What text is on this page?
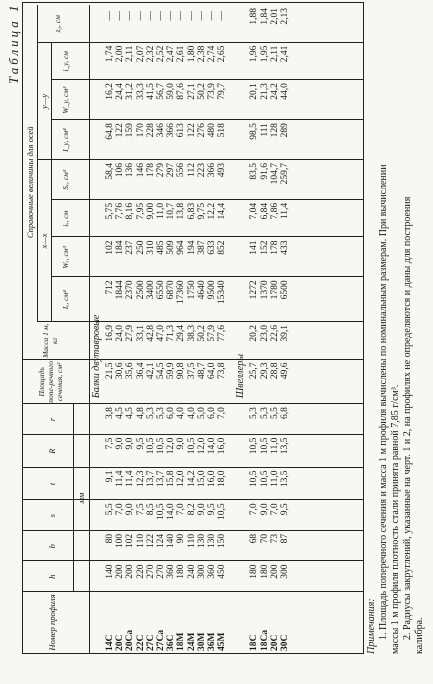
Таблица 1
Номер профиля
h
b
s
t
R
r
мм
Площадь попе-речного сечения, см²
Масса 1 м, кг
Справочные величины для осей
x—x
y—y
Iₓ, см⁴
Wₓ, см³
iₓ, см
Sₓ, см³
I_y, см⁴
W_y, см³
i_y, см
z₀, см
Балки двутавровые
14С
20С
20Са
22С
27С
27Са
36С
18М
24М
30М
36М
45М
140
200
200
220
270
270
360
180
240
300
360
450
80
100
102
110
122
124
140
90
110
130
130
150
5,5
7,0
9,0
7,5
8,5
10,5
14,0
7,0
8,2
9,0
9,5
10,5
9,1
11,4
11,4
12,3
13,7
13,7
15,8
12,0
14,2
15,0
16,0
18,0
7,5
9,0
9,0
9,5
10,5
10,5
12,0
9,0
10,5
12,0
14,0
16,0
3,8
4,5
4,5
4,8
5,3
5,3
6,0
4,0
4,0
5,0
6,0
7,0
21,5
30,6
35,6
36,4
42,1
54,5
59,9
90,8
37,5
48,7
64,0
73,8
16,9
24,0
27,9
33,1
42,8
47,0
71,3
29,4
38,3
50,2
57,9
77,6
712
1844
2370
2500
3400
6550
6870
17360
1750
4640
9500
15340
102
184
237
250
310
485
509
964
194
387
633
852
5,75
7,76
8,16
7,95
9,00
11,0
10,7
13,8
6,83
9,75
12,2
14,4
58,4
106
136
146
178
279
297
556
112
223
366
493
64,8
122
159
170
228
346
366
613
122
276
480
518
16,2
24,4
31,2
33,3
41,5
56,7
59,0
87,6
27,1
50,2
73,9
79,7
1,74
2,00
2,11
2,07
2,32
2,52
2,47
2,61
1,80
2,38
2,74
2,65
—
—
—
—
—
—
—
—
—
—
—
—
Швеллеры
18С
18Са
20С
30С
180
180
200
300
68
70
73
87
7,0
9,0
7,0
9,5
10,5
10,5
11,0
13,5
10,5
10,5
11,0
13,5
5,3
5,3
5,5
6,8
25,7
29,3
28,8
49,6
20,2
23,0
22,6
39,1
1272
1370
1780
6500
141
152
178
433
7,04
6,84
7,86
11,4
83,5
91,6
104,7
259,7
98,5
111
128
289
20,1
21,3
24,2
44,0
1,96
1,95
2,11
2,41
1,88
1,84
2,01
2,13
Примечания: 1. Площадь поперечного сечения и масса 1 м профиля вычислены по номинальным размерам. При вычислении массы 1 м профиля плотность стали принята равной 7,85 г/см³. 2. Радиусы закруглений, указанные на черт. 1 и 2, на профилях не определяются и даны для построения калибра.
